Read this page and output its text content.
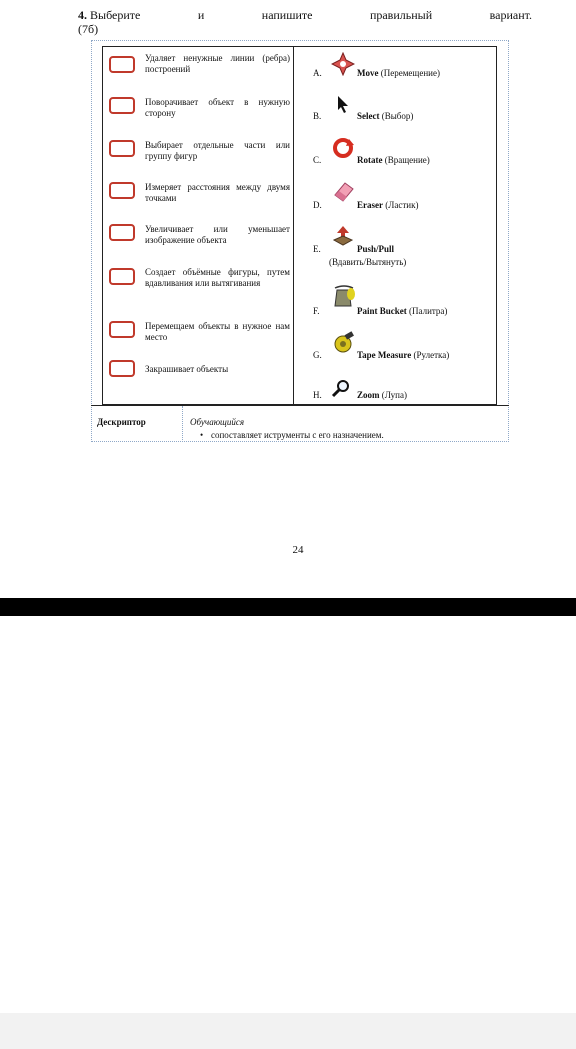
4. Выберите	и	напишите	правильный	вариант.
(7б)
Удаляет ненужные линии (ребра) построений
Поворачивает объект в нужную сторону
Выбирает отдельные части или группу фигур
Измеряет расстояния между двумя точками
Увеличивает или уменьшает изображение объекта
Создает объёмные фигуры, путем вдавливания или вытягивания
Перемещаем объекты в нужное нам место
Закрашивает объекты
A.	Move (Перемещение)
B.	Select (Выбор)
C.	Rotate (Вращение)
D.	Eraser (Ластик)
E.	Push/Pull
(Вдавить/Вытянуть)
F.	Paint Bucket (Палитра)
G.	Tape Measure (Рулетка)
H.	Zoom (Лупа)
Дескриптор	Обучающийся
• сопоставляет иструменты с его назначением.
24
